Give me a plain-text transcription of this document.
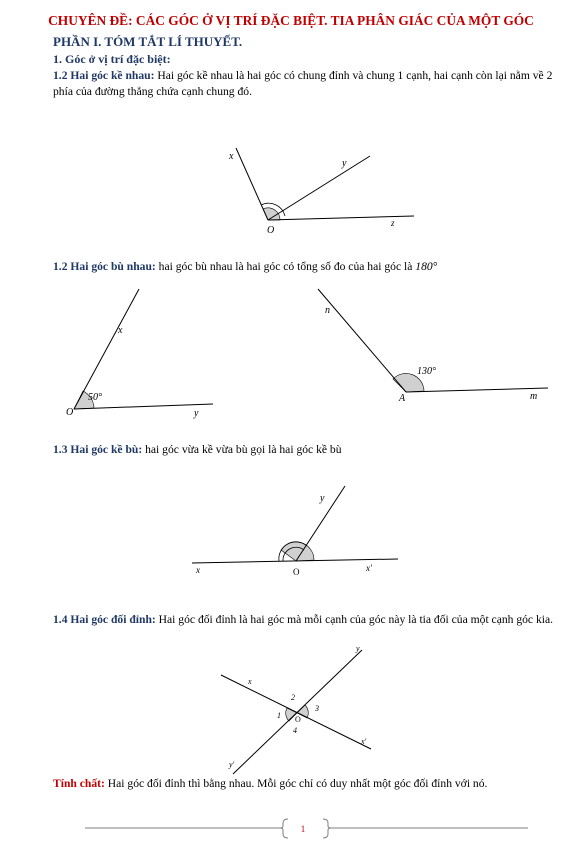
CHUYÊN ĐỀ: CÁC GÓC Ở VỊ TRÍ ĐẶC BIỆT. TIA PHÂN GIÁC CỦA MỘT GÓC
PHẦN I. TÓM TẮT LÍ THUYẾT.
1. Góc ở vị trí đặc biệt:
1.2 Hai góc kề nhau: Hai góc kề nhau là hai góc có chung đỉnh và chung 1 cạnh, hai cạnh còn lại nằm về 2 phía của đường thẳng chứa cạnh chung đó.
1.2 Hai góc bù nhau: hai góc bù nhau là hai góc có tổng số đo của hai góc là 180°
1.3 Hai góc kề bù: hai góc vừa kề vừa bù gọi là hai góc kề bù
1.4 Hai góc đối đỉnh: Hai góc đối đỉnh là hai góc mà mỗi cạnh của góc này là tia đối của một cạnh góc kia.
Tính chất: Hai góc đối đỉnh thì bằng nhau. Mỗi góc chỉ có duy nhất một góc đối đỉnh với nó.
x
y
z
O
x
y
O
50°
n
m
A
130°
x
y
x'
O
x
y
x'
y'
O
1
2
3
4
1
